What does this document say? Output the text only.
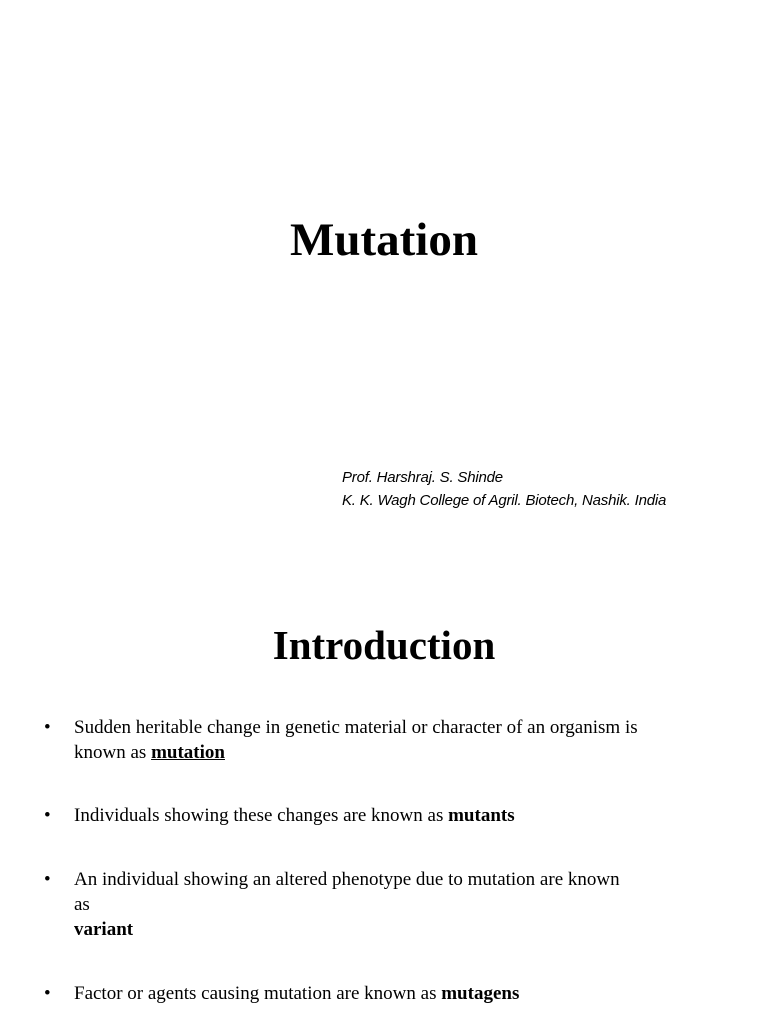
Mutation
Prof. Harshraj. S. Shinde
K. K. Wagh College of Agril. Biotech, Nashik. India
Introduction
•	Sudden heritable change in genetic material or character of an organism is
known as mutation
•	Individuals showing these changes are known as mutants
•	An individual showing an altered phenotype due to mutation are known
as
variant
•	Factor or agents causing mutation are known as mutagens
